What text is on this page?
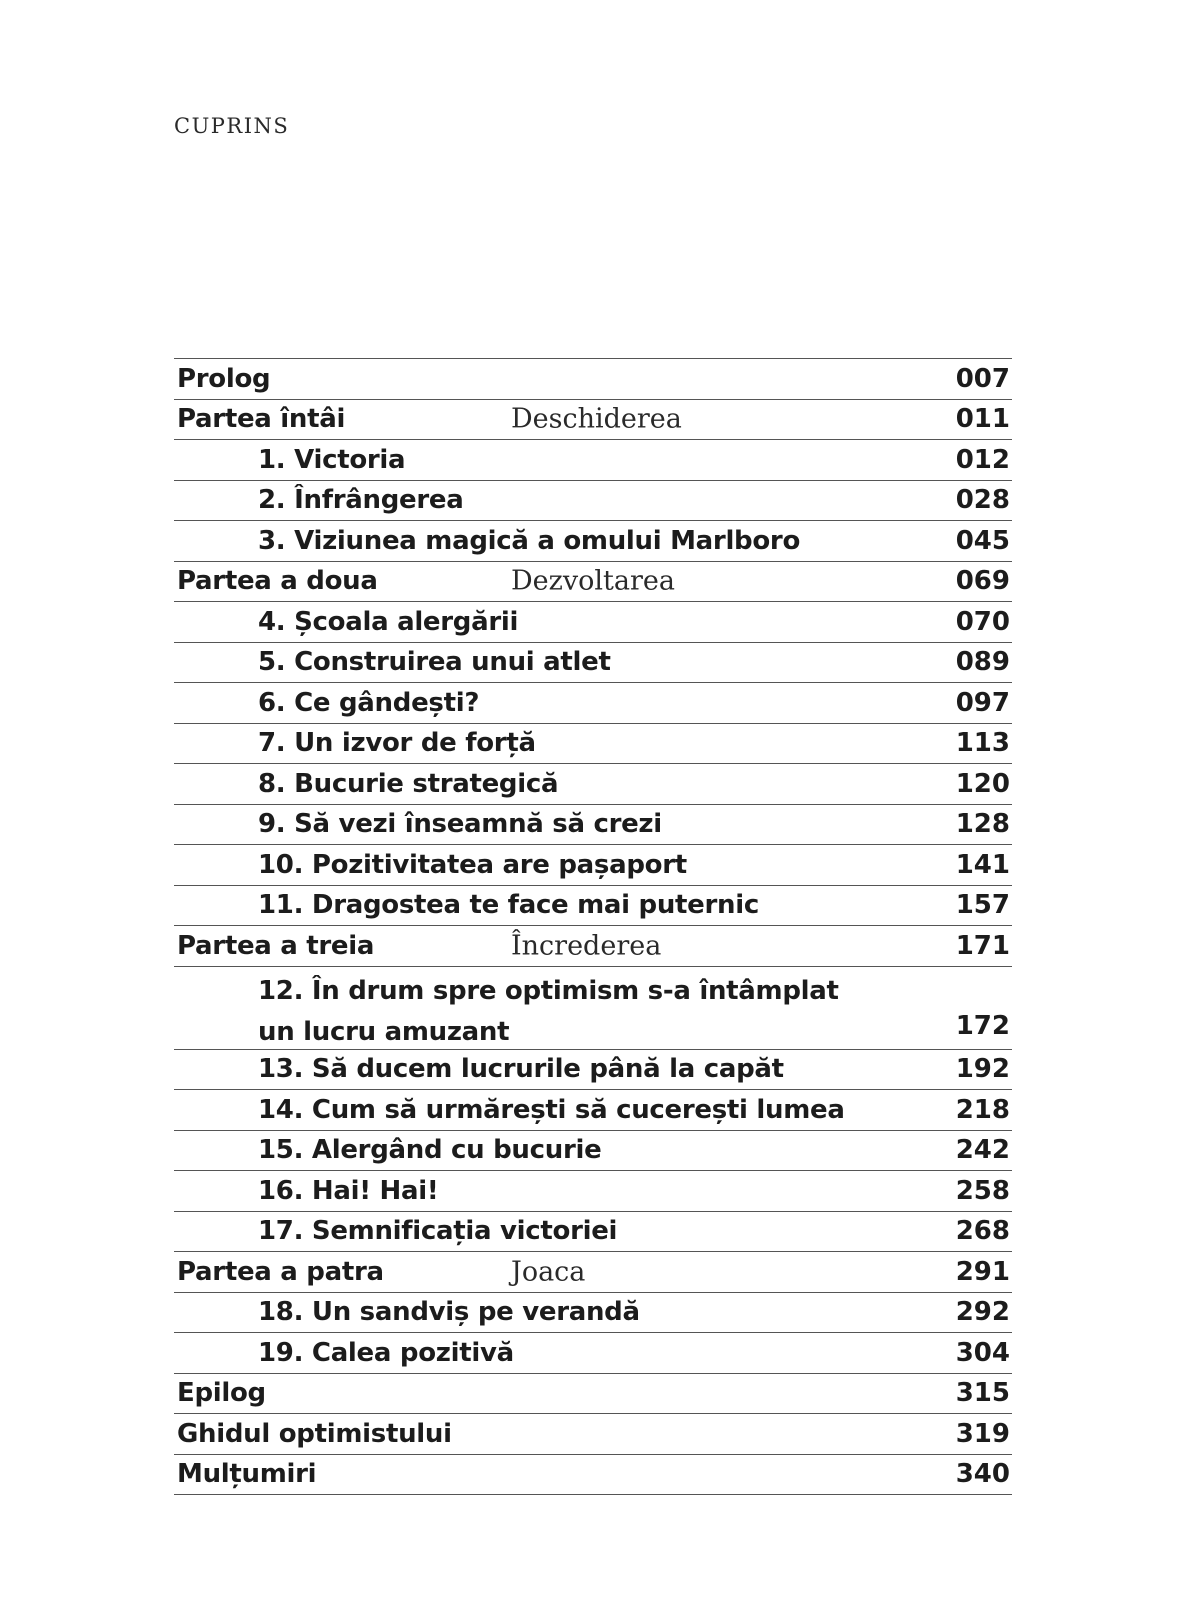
CUPRINS
Prolog	007
Partea întâi	Deschiderea	011
1. Victoria	012
2. Înfrângerea	028
3. Viziunea magică a omului Marlboro	045
Partea a doua	Dezvoltarea	069
4. Școala alergării	070
5. Construirea unui atlet	089
6. Ce gândești?	097
7. Un izvor de forță	113
8. Bucurie strategică	120
9. Să vezi înseamnă să crezi	128
10. Pozitivitatea are pașaport	141
11. Dragostea te face mai puternic	157
Partea a treia	Încrederea	171
12. În drum spre optimism s-a întâmplat un lucru amuzant	172
13. Să ducem lucrurile până la capăt	192
14. Cum să urmărești să cucerești lumea	218
15. Alergând cu bucurie	242
16. Hai! Hai!	258
17. Semnificația victoriei	268
Partea a patra	Joaca	291
18. Un sandviș pe verandă	292
19. Calea pozitivă	304
Epilog	315
Ghidul optimistului	319
Mulțumiri	340
